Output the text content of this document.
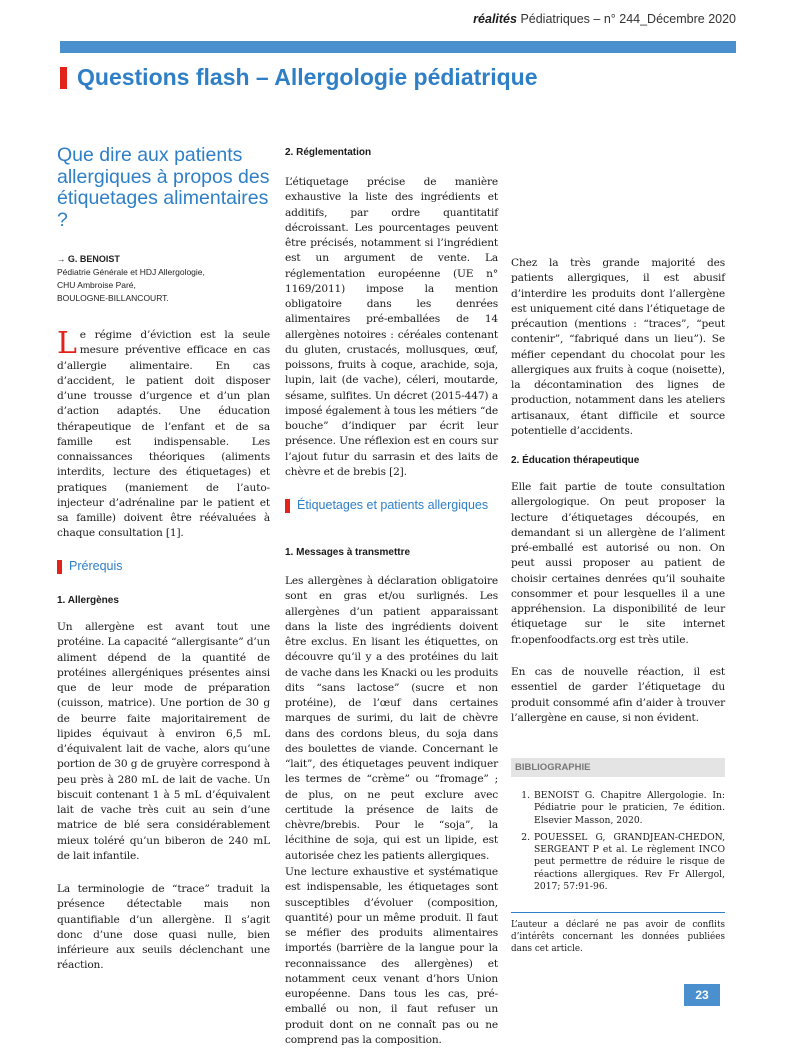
réalités Pédiatriques – n° 244_Décembre 2020
Questions flash – Allergologie pédiatrique
Que dire aux patients allergiques à propos des étiquetages alimentaires ?
→ G. BENOIST
Pédiatrie Générale et HDJ Allergologie,
CHU Ambroise Paré,
BOULOGNE-BILLANCOURT.

Le régime d’éviction est la seule mesure préventive efficace en cas d’allergie alimentaire. En cas d’accident, le patient doit disposer d’une trousse d’urgence et d’un plan d’action adaptés. Une éducation thérapeutique de l’enfant et de sa famille est indispensable. Les connaissances théoriques (aliments interdits, lecture des étiquetages) et pratiques (maniement de l’auto-injecteur d’adrénaline par le patient et sa famille) doivent être réévaluées à chaque consultation [1].

Prérequis
1. Allergènes

Un allergène est avant tout une protéine. La capacité “allergisante” d’un aliment dépend de la quantité de protéines allergéniques présentes ainsi que de leur mode de préparation (cuisson, matrice). Une portion de 30 g de beurre faite majoritairement de lipides équivaut à environ 6,5 mL d’équivalent lait de vache, alors qu’une portion de 30 g de gruyère correspond à peu près à 280 mL de lait de vache. Un biscuit contenant 1 à 5 mL d’équivalent lait de vache très cuit au sein d’une matrice de blé sera considérablement mieux toléré qu’un biberon de 240 mL de lait infantile.

La terminologie de “trace” traduit la présence détectable mais non quantifiable d’un allergène. Il s’agit donc d’une dose quasi nulle, bien inférieure aux seuils déclenchant une réaction.

2. Réglementation

L’étiquetage précise de manière exhaustive la liste des ingrédients et additifs, par ordre quantitatif décroissant. Les pourcentages peuvent être précisés, notamment si l’ingrédient est un argument de vente. La réglementation européenne (UE n° 1169/2011) impose la mention obligatoire dans les denrées alimentaires pré-emballées de 14 allergènes notoires : céréales contenant du gluten, crustacés, mollusques, œuf, poissons, fruits à coque, arachide, soja, lupin, lait (de vache), céleri, moutarde, sésame, sulfites. Un décret (2015-447) a imposé également à tous les métiers “de bouche” d’indiquer par écrit leur présence. Une réflexion est en cours sur l’ajout futur du sarrasin et des laits de chèvre et de brebis [2].

Étiquetages et patients allergiques
1. Messages à transmettre

Les allergènes à déclaration obligatoire sont en gras et/ou surlignés. Les allergènes d’un patient apparaissant dans la liste des ingrédients doivent être exclus. En lisant les étiquettes, on découvre qu’il y a des protéines du lait de vache dans les Knacki ou les produits dits “sans lactose” (sucre et non protéine), de l’œuf dans certaines marques de surimi, du lait de chèvre dans des cordons bleus, du soja dans des boulettes de viande. Concernant le “lait”, des étiquetages peuvent indiquer les termes de “crème” ou “fromage” ; de plus, on ne peut exclure avec certitude la présence de laits de chèvre/brebis. Pour le “soja”, la lécithine de soja, qui est un lipide, est autorisée chez les patients allergiques.

Une lecture exhaustive et systématique est indispensable, les étiquetages sont susceptibles d’évoluer (composition, quantité) pour un même produit. Il faut se méfier des produits alimentaires importés (barrière de la langue pour la reconnaissance des allergènes) et notamment ceux venant d’hors Union européenne. Dans tous les cas, pré-emballé ou non, il faut refuser un produit dont on ne connaît pas ou ne comprend pas la composition.

Chez la très grande majorité des patients allergiques, il est abusif d’interdire les produits dont l’allergène est uniquement cité dans l’étiquetage de précaution (mentions : “traces”, “peut contenir”, “fabriqué dans un lieu”). Se méfier cependant du chocolat pour les allergiques aux fruits à coque (noisette), la décontamination des lignes de production, notamment dans les ateliers artisanaux, étant difficile et source potentielle d’accidents.

2. Éducation thérapeutique

Elle fait partie de toute consultation allergologique. On peut proposer la lecture d’étiquetages découpés, en demandant si un allergène de l’aliment pré-emballé est autorisé ou non. On peut aussi proposer au patient de choisir certaines denrées qu’il souhaite consommer et pour lesquelles il a une appréhension. La disponibilité de leur étiquetage sur le site internet fr.openfoodfacts.org est très utile.

En cas de nouvelle réaction, il est essentiel de garder l’étiquetage du produit consommé afin d’aider à trouver l’allergène en cause, si non évident.

BIBLIOGRAPHIE
1. BENOIST G. Chapitre Allergologie. In: Pédiatrie pour le praticien, 7e édition. Elsevier Masson, 2020.
2. POUESSEL G, GRANDJEAN-CHEDON, SERGEANT P et al. Le règlement INCO peut permettre de réduire le risque de réactions allergiques. Rev Fr Allergol, 2017; 57:91-96.
L’auteur a déclaré ne pas avoir de conflits d’intérêts concernant les données publiées dans cet article.
23
